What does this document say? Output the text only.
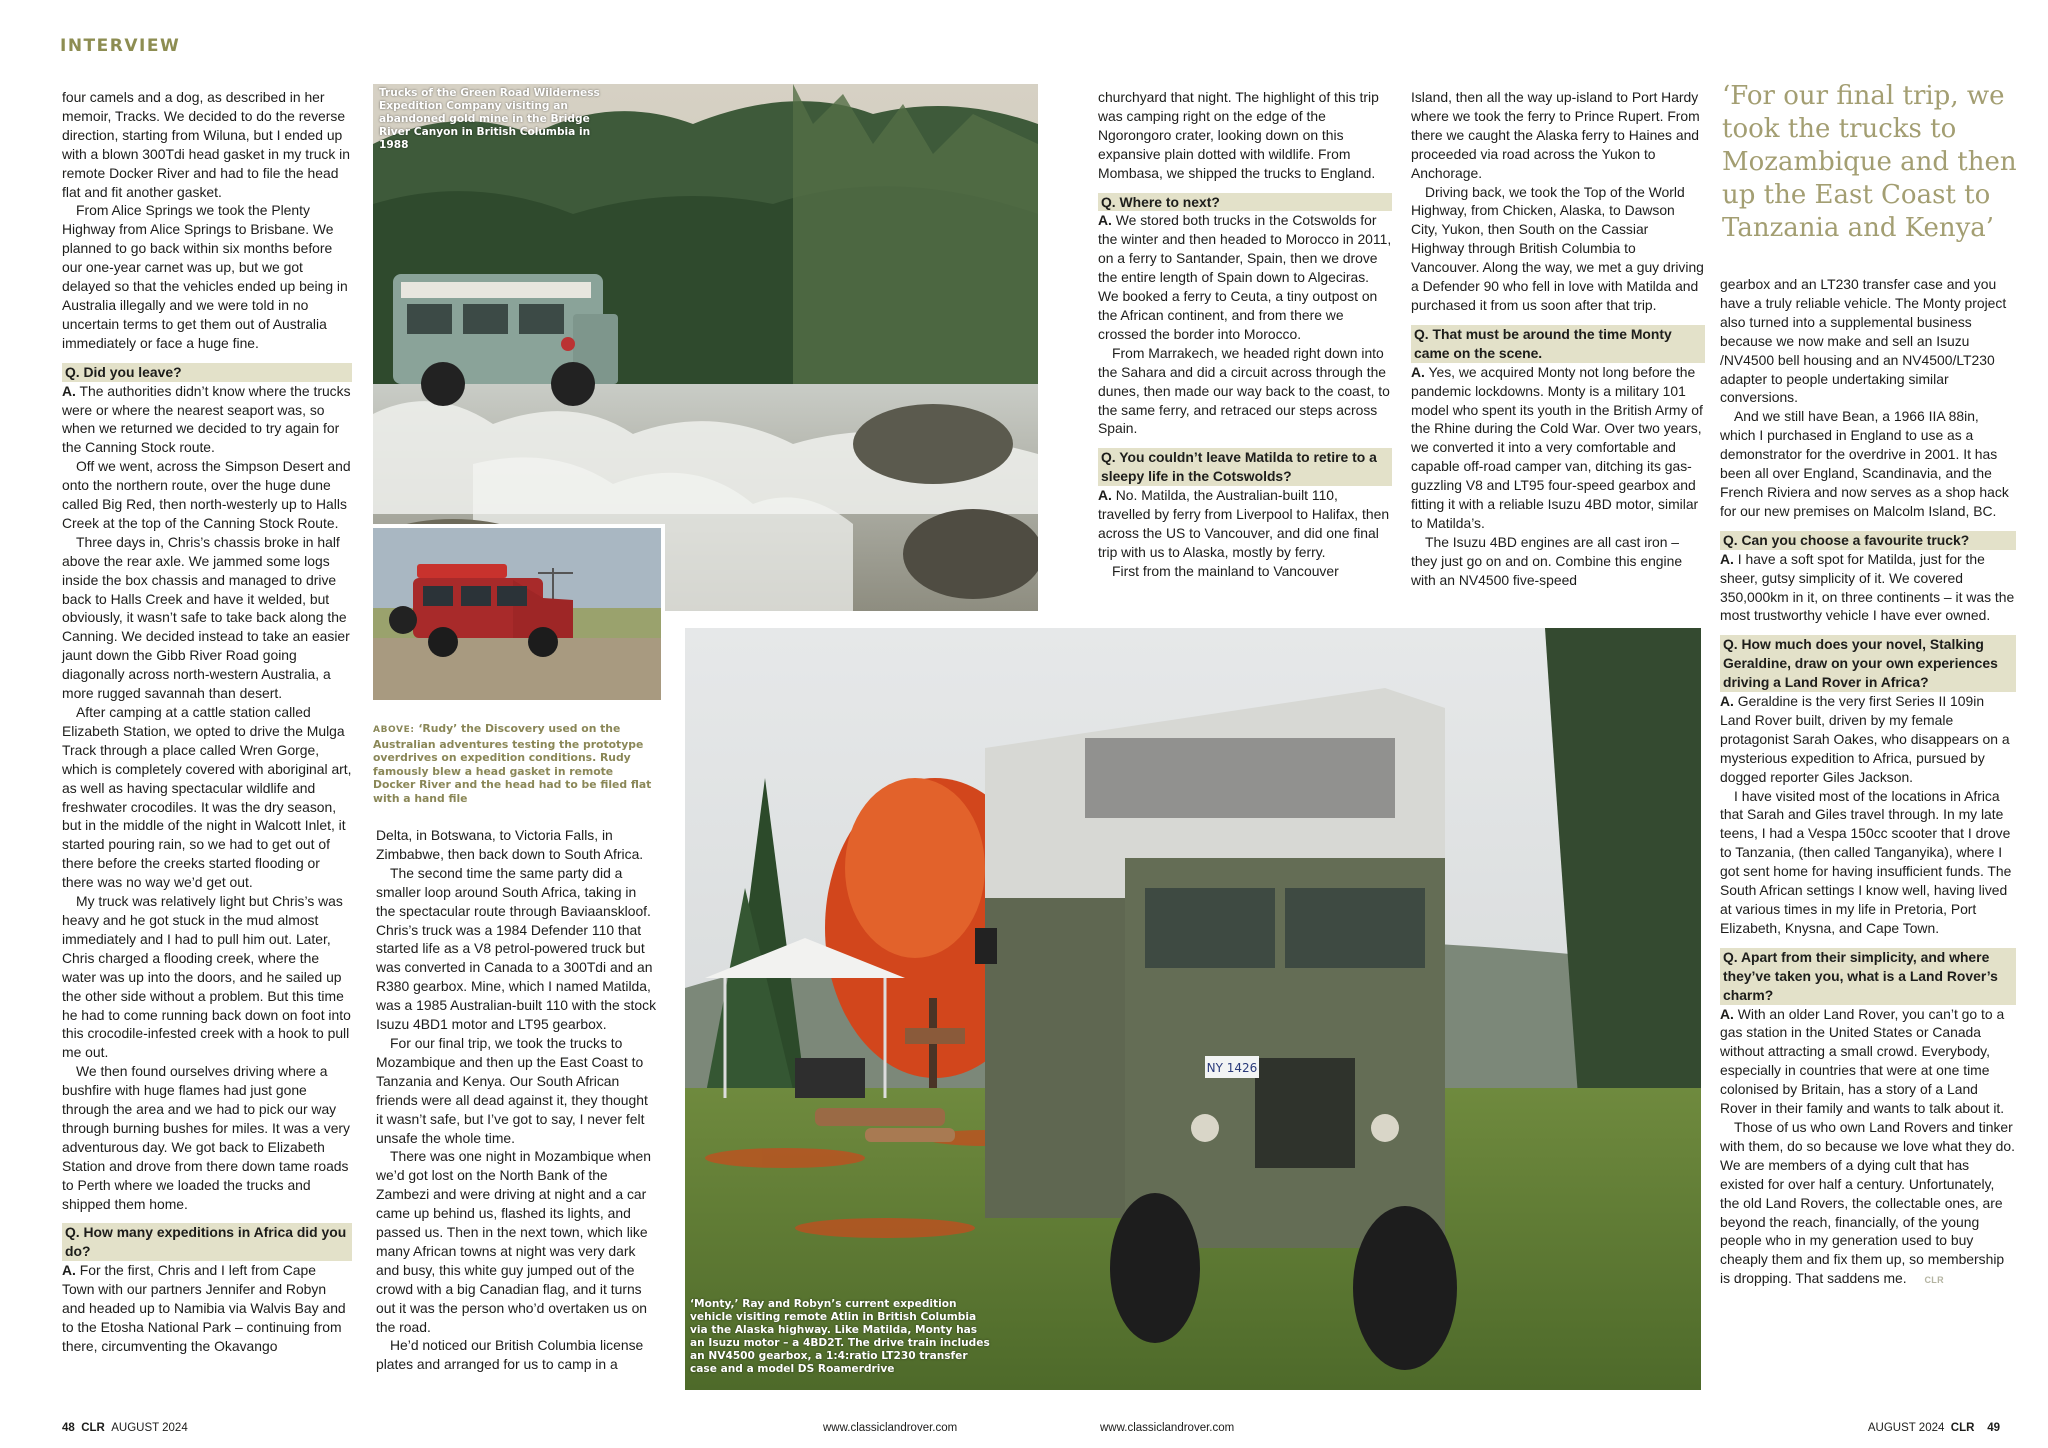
INTERVIEW

four camels and a dog, as described in her memoir, Tracks. We decided to do the reverse direction, starting from Wiluna, but I ended up with a blown 300Tdi head gasket in my truck in remote Docker River and had to file the head flat and fit another gasket.

From Alice Springs we took the Plenty Highway from Alice Springs to Brisbane. We planned to go back within six months before our one-year carnet was up, but we got delayed so that the vehicles ended up being in Australia illegally and we were told in no uncertain terms to get them out of Australia immediately or face a huge fine.

Q. Did you leave?

A. The authorities didn’t know where the trucks were or where the nearest seaport was, so when we returned we decided to try again for the Canning Stock route.

Off we went, across the Simpson Desert and onto the northern route, over the huge dune called Big Red, then north-westerly up to Halls Creek at the top of the Canning Stock Route.

Three days in, Chris’s chassis broke in half above the rear axle. We jammed some logs inside the box chassis and managed to drive back to Halls Creek and have it welded, but obviously, it wasn’t safe to take back along the Canning. We decided instead to take an easier jaunt down the Gibb River Road going diagonally across north-western Australia, a more rugged savannah than desert.

After camping at a cattle station called Elizabeth Station, we opted to drive the Mulga Track through a place called Wren Gorge, which is completely covered with aboriginal art, as well as having spectacular wildlife and freshwater crocodiles. It was the dry season, but in the middle of the night in Walcott Inlet, it started pouring rain, so we had to get out of there before the creeks started flooding or there was no way we’d get out.

My truck was relatively light but Chris’s was heavy and he got stuck in the mud almost immediately and I had to pull him out. Later, Chris charged a flooding creek, where the water was up into the doors, and he sailed up the other side without a problem. But this time he had to come running back down on foot into this crocodile-infested creek with a hook to pull me out.

We then found ourselves driving where a bushfire with huge flames had just gone through the area and we had to pick our way through burning bushes for miles. It was a very adventurous day. We got back to Elizabeth Station and drove from there down tame roads to Perth where we loaded the trucks and shipped them home.

Q. How many expeditions in Africa did you do?

A. For the first, Chris and I left from Cape Town with our partners Jennifer and Robyn and headed up to Namibia via Walvis Bay and to the Etosha National Park – continuing from there, circumventing the Okavango

Trucks of the Green Road Wilderness Expedition Company visiting an abandoned gold mine in the Bridge River Canyon in British Columbia in 1988
ABOVE: ‘Rudy’ the Discovery used on the Australian adventures testing the prototype overdrives on expedition conditions. Rudy famously blew a head gasket in remote Docker River and the head had to be filed flat with a hand file

Delta, in Botswana, to Victoria Falls, in Zimbabwe, then back down to South Africa.

The second time the same party did a smaller loop around South Africa, taking in the spectacular route through Baviaanskloof. Chris’s truck was a 1984 Defender 110 that started life as a V8 petrol-powered truck but was converted in Canada to a 300Tdi and an R380 gearbox. Mine, which I named Matilda, was a 1985 Australian-built 110 with the stock Isuzu 4BD1 motor and LT95 gearbox.

For our final trip, we took the trucks to Mozambique and then up the East Coast to Tanzania and Kenya. Our South African friends were all dead against it, they thought it wasn’t safe, but I’ve got to say, I never felt unsafe the whole time.

There was one night in Mozambique when we’d got lost on the North Bank of the Zambezi and were driving at night and a car came up behind us, flashed its lights, and passed us. Then in the next town, which like many African towns at night was very dark and busy, this white guy jumped out of the crowd with a big Canadian flag, and it turns out it was the person who’d overtaken us on the road.

He’d noticed our British Columbia license plates and arranged for us to camp in a

churchyard that night. The highlight of this trip was camping right on the edge of the Ngorongoro crater, looking down on this expansive plain dotted with wildlife. From Mombasa, we shipped the trucks to England.

Q. Where to next?

A. We stored both trucks in the Cotswolds for the winter and then headed to Morocco in 2011, on a ferry to Santander, Spain, then we drove the entire length of Spain down to Algeciras. We booked a ferry to Ceuta, a tiny outpost on the African continent, and from there we crossed the border into Morocco.

From Marrakech, we headed right down into the Sahara and did a circuit across through the dunes, then made our way back to the coast, to the same ferry, and retraced our steps across Spain.

Q. You couldn’t leave Matilda to retire to a sleepy life in the Cotswolds?

A. No. Matilda, the Australian-built 110, travelled by ferry from Liverpool to Halifax, then across the US to Vancouver, and did one final trip with us to Alaska, mostly by ferry.

First from the mainland to Vancouver

Island, then all the way up-island to Port Hardy where we took the ferry to Prince Rupert. From there we caught the Alaska ferry to Haines and proceeded via road across the Yukon to Anchorage.

Driving back, we took the Top of the World Highway, from Chicken, Alaska, to Dawson City, Yukon, then South on the Cassiar Highway through British Columbia to Vancouver. Along the way, we met a guy driving a Defender 90 who fell in love with Matilda and purchased it from us soon after that trip.

Q. That must be around the time Monty came on the scene.

A. Yes, we acquired Monty not long before the pandemic lockdowns. Monty is a military 101 model who spent its youth in the British Army of the Rhine during the Cold War. Over two years, we converted it into a very comfortable and capable off-road camper van, ditching its gas-guzzling V8 and LT95 four-speed gearbox and fitting it with a reliable Isuzu 4BD motor, similar to Matilda’s.

The Isuzu 4BD engines are all cast iron – they just go on and on. Combine this engine with an NV4500 five-speed

‘For our final trip, we took the trucks to Mozambique and then up the East Coast to Tanzania and Kenya’

gearbox and an LT230 transfer case and you have a truly reliable vehicle. The Monty project also turned into a supplemental business because we now make and sell an Isuzu /NV4500 bell housing and an NV4500/LT230 adapter to people undertaking similar conversions.

And we still have Bean, a 1966 IIA 88in, which I purchased in England to use as a demonstrator for the overdrive in 2001. It has been all over England, Scandinavia, and the French Riviera and now serves as a shop hack for our new premises on Malcolm Island, BC.

Q. Can you choose a favourite truck?

A. I have a soft spot for Matilda, just for the sheer, gutsy simplicity of it. We covered 350,000km in it, on three continents – it was the most trustworthy vehicle I have ever owned.

Q. How much does your novel, Stalking Geraldine, draw on your own experiences driving a Land Rover in Africa?

A. Geraldine is the very first Series II 109in Land Rover built, driven by my female protagonist Sarah Oakes, who disappears on a mysterious expedition to Africa, pursued by dogged reporter Giles Jackson.

I have visited most of the locations in Africa that Sarah and Giles travel through. In my late teens, I had a Vespa 150cc scooter that I drove to Tanzania, (then called Tanganyika), where I got sent home for having insufficient funds. The South African settings I know well, having lived at various times in my life in Pretoria, Port Elizabeth, Knysna, and Cape Town.

Q. Apart from their simplicity, and where they’ve taken you, what is a Land Rover’s charm?

A. With an older Land Rover, you can’t go to a gas station in the United States or Canada without attracting a small crowd. Everybody, especially in countries that were at one time colonised by Britain, has a story of a Land Rover in their family and wants to talk about it.

Those of us who own Land Rovers and tinker with them, do so because we love what they do. We are members of a dying cult that has existed for over half a century. Unfortunately, the old Land Rovers, the collectable ones, are beyond the reach, financially, of the young people who in my generation used to buy cheaply them and fix them up, so membership is dropping. That saddens me. CLR

NY 1426
‘Monty,’ Ray and Robyn’s current expedition vehicle visiting remote Atlin in British Columbia via the Alaska highway. Like Matilda, Monty has an Isuzu motor – a 4BD2T. The drive train includes an NV4500 gearbox, a 1:4:ratio LT230 transfer case and a model DS Roamerdrive
48 CLR AUGUST 2024	www.classiclandrover.com	www.classiclandrover.com	AUGUST 2024 CLR 49
